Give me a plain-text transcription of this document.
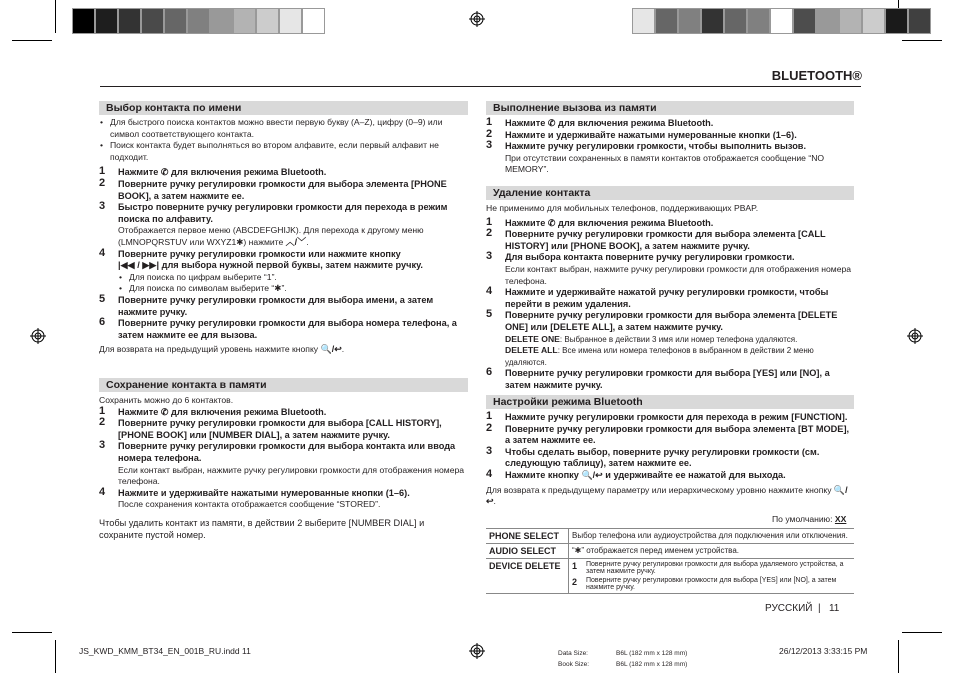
BLUETOOTH®
Выбор контакта по имени
• Для быстрого поиска контактов можно ввести первую букву (A–Z), цифру (0–9) или символ соответствующего контакта.
• Поиск контакта будет выполняться во втором алфавите, если первый алфавит не подходит.
1 Нажмите ✆ для включения режима Bluetooth.
2 Поверните ручку регулировки громкости для выбора элемента [PHONE BOOK], а затем нажмите ее.
3 Быстро поверните ручку регулировки громкости для перехода в режим поиска по алфавиту.
Отображается первое меню (ABCDEFGHIJK). Для перехода к другому меню (LMNOPQRSTUV или WXYZ1✱) нажмите ︿/﹀.
4 Поверните ручку регулировки громкости или нажмите кнопку
|◀◀ / ▶▶| для выбора нужной первой буквы, затем нажмите ручку.
• Для поиска по цифрам выберите “1”.
• Для поиска по символам выберите “✱”.
5 Поверните ручку регулировки громкости для выбора имени, а затем нажмите ручку.
6 Поверните ручку регулировки громкости для выбора номера телефона, а затем нажмите ее для вызова.
Для возврата на предыдущий уровень нажмите кнопку 🔍/↩.
Сохранение контакта в памяти
Сохранить можно до 6 контактов.
1 Нажмите ✆ для включения режима Bluetooth.
2 Поверните ручку регулировки громкости для выбора [CALL HISTORY], [PHONE BOOK] или [NUMBER DIAL], а затем нажмите ручку.
3 Поверните ручку регулировки громкости для выбора контакта или ввода номера телефона.
Если контакт выбран, нажмите ручку регулировки громкости для отображения номера телефона.
4 Нажмите и удерживайте нажатыми нумерованные кнопки (1–6).
После сохранения контакта отображается сообщение “STORED”.
Чтобы удалить контакт из памяти, в действии 2 выберите [NUMBER DIAL] и сохраните пустой номер.
Выполнение вызова из памяти
1 Нажмите ✆ для включения режима Bluetooth.
2 Нажмите и удерживайте нажатыми нумерованные кнопки (1–6).
3 Нажмите ручку регулировки громкости, чтобы выполнить вызов.
При отсутствии сохраненных в памяти контактов отображается сообщение “NO MEMORY”.
Удаление контакта
Не применимо для мобильных телефонов, поддерживающих PBAP.
1 Нажмите ✆ для включения режима Bluetooth.
2 Поверните ручку регулировки громкости для выбора элемента [CALL HISTORY] или [PHONE BOOK], а затем нажмите ручку.
3 Для выбора контакта поверните ручку регулировки громкости.
Если контакт выбран, нажмите ручку регулировки громкости для отображения номера телефона.
4 Нажмите и удерживайте нажатой ручку регулировки громкости, чтобы перейти в режим удаления.
5 Поверните ручку регулировки громкости для выбора элемента [DELETE ONE] или [DELETE ALL], а затем нажмите ручку.
DELETE ONE: Выбранное в действии 3 имя или номер телефона удаляются.
DELETE ALL: Все имена или номера телефонов в выбранном в действии 2 меню удаляются.
6 Поверните ручку регулировки громкости для выбора [YES] или [NO], а затем нажмите ручку.
Настройки режима Bluetooth
1 Нажмите ручку регулировки громкости для перехода в режим [FUNCTION].
2 Поверните ручку регулировки громкости для выбора элемента [BT MODE], а затем нажмите ее.
3 Чтобы сделать выбор, поверните ручку регулировки громкости (см. следующую таблицу), затем нажмите ее.
4 Нажмите кнопку 🔍/↩ и удерживайте ее нажатой для выхода.
Для возврата к предыдущему параметру или иерархическому уровню нажмите кнопку 🔍/↩.
По умолчанию: XX
PHONE SELECT	Выбор телефона или аудиоустройства для подключения или отключения.
AUDIO SELECT	“✱” отображается перед именем устройства.
DEVICE DELETE	1 Поверните ручку регулировки громкости для выбора удаляемого устройства, а затем нажмите ручку.
2 Поверните ручку регулировки громкости для выбора [YES] или [NO], а затем нажмите ручку.
РУССКИЙ | 11
JS_KWD_KMM_BT34_EN_001B_RU.indd 11	Data Size:	B6L (182 mm x 128 mm)
Book Size:	B6L (182 mm x 128 mm)
26/12/2013 3:33:15 PM
